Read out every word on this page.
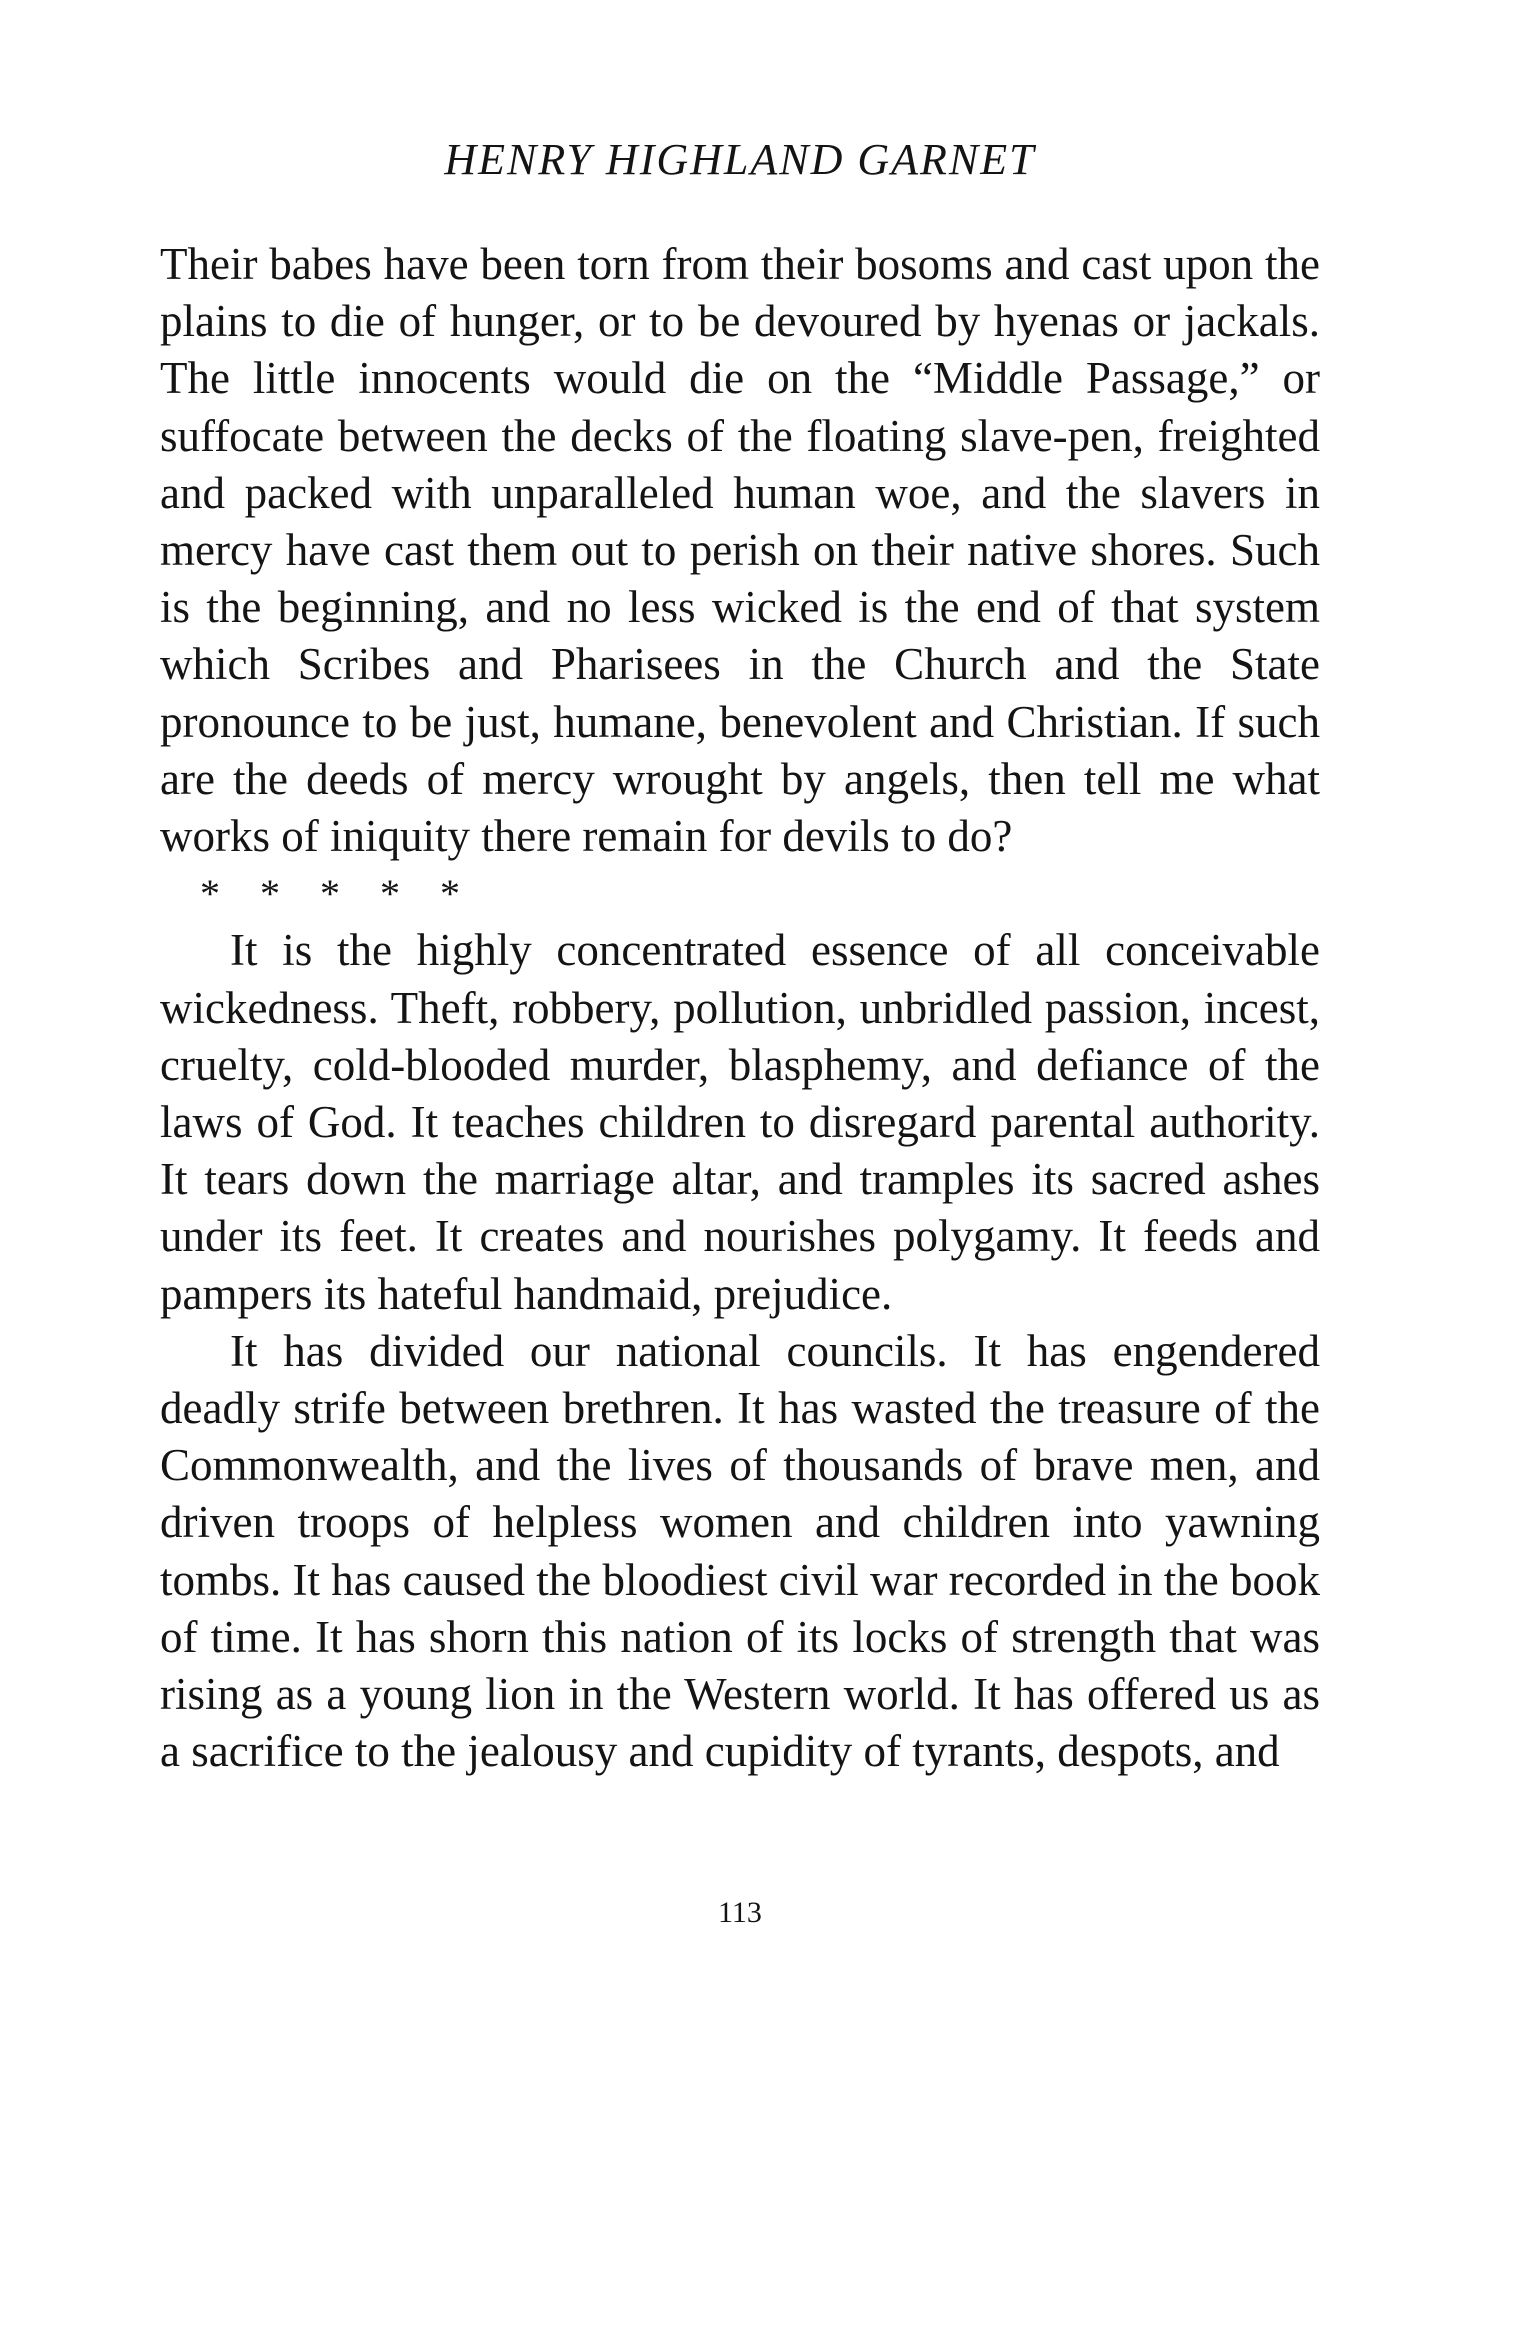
HENRY HIGHLAND GARNET

Their babes have been torn from their bosoms and cast upon the plains to die of hunger, or to be devoured by hyenas or jackals. The little innocents would die on the “Middle Passage,” or suffocate between the decks of the floating slave-pen, freighted and packed with unparalleled human woe, and the slavers in mercy have cast them out to perish on their native shores. Such is the beginning, and no less wicked is the end of that system which Scribes and Pharisees in the Church and the State pronounce to be just, humane, benevolent and Christian. If such are the deeds of mercy wrought by angels, then tell me what works of iniquity there remain for devils to do?

* * * * *

It is the highly concentrated essence of all conceivable wickedness. Theft, robbery, pollution, unbridled passion, incest, cruelty, cold-blooded murder, blasphemy, and defiance of the laws of God. It teaches children to disregard parental authority. It tears down the marriage altar, and tramples its sacred ashes under its feet. It creates and nourishes polygamy. It feeds and pampers its hateful handmaid, prejudice.

It has divided our national councils. It has engendered deadly strife between brethren. It has wasted the treasure of the Commonwealth, and the lives of thousands of brave men, and driven troops of helpless women and children into yawning tombs. It has caused the bloodiest civil war recorded in the book of time. It has shorn this nation of its locks of strength that was rising as a young lion in the Western world. It has offered us as a sacrifice to the jealousy and cupidity of tyrants, despots, and

113
